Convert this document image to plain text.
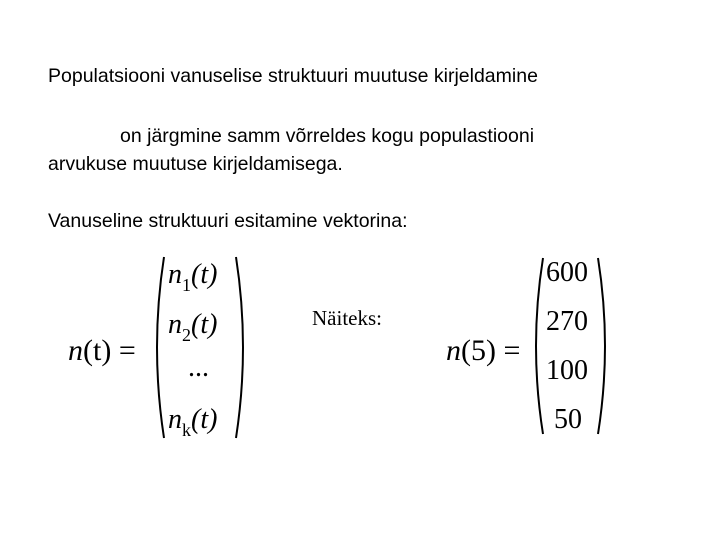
Populatsiooni vanuselise struktuuri muutuse kirjeldamine
on järgmine samm võrreldes kogu populastiooni
arvukuse muutuse kirjeldamisega.
Vanuseline struktuuri esitamine vektorina:
n(t) =
$n_1(t)$
$n_2(t)$
...
$n_k(t)$
Näiteks:
n(5) =
600
270
100
50
